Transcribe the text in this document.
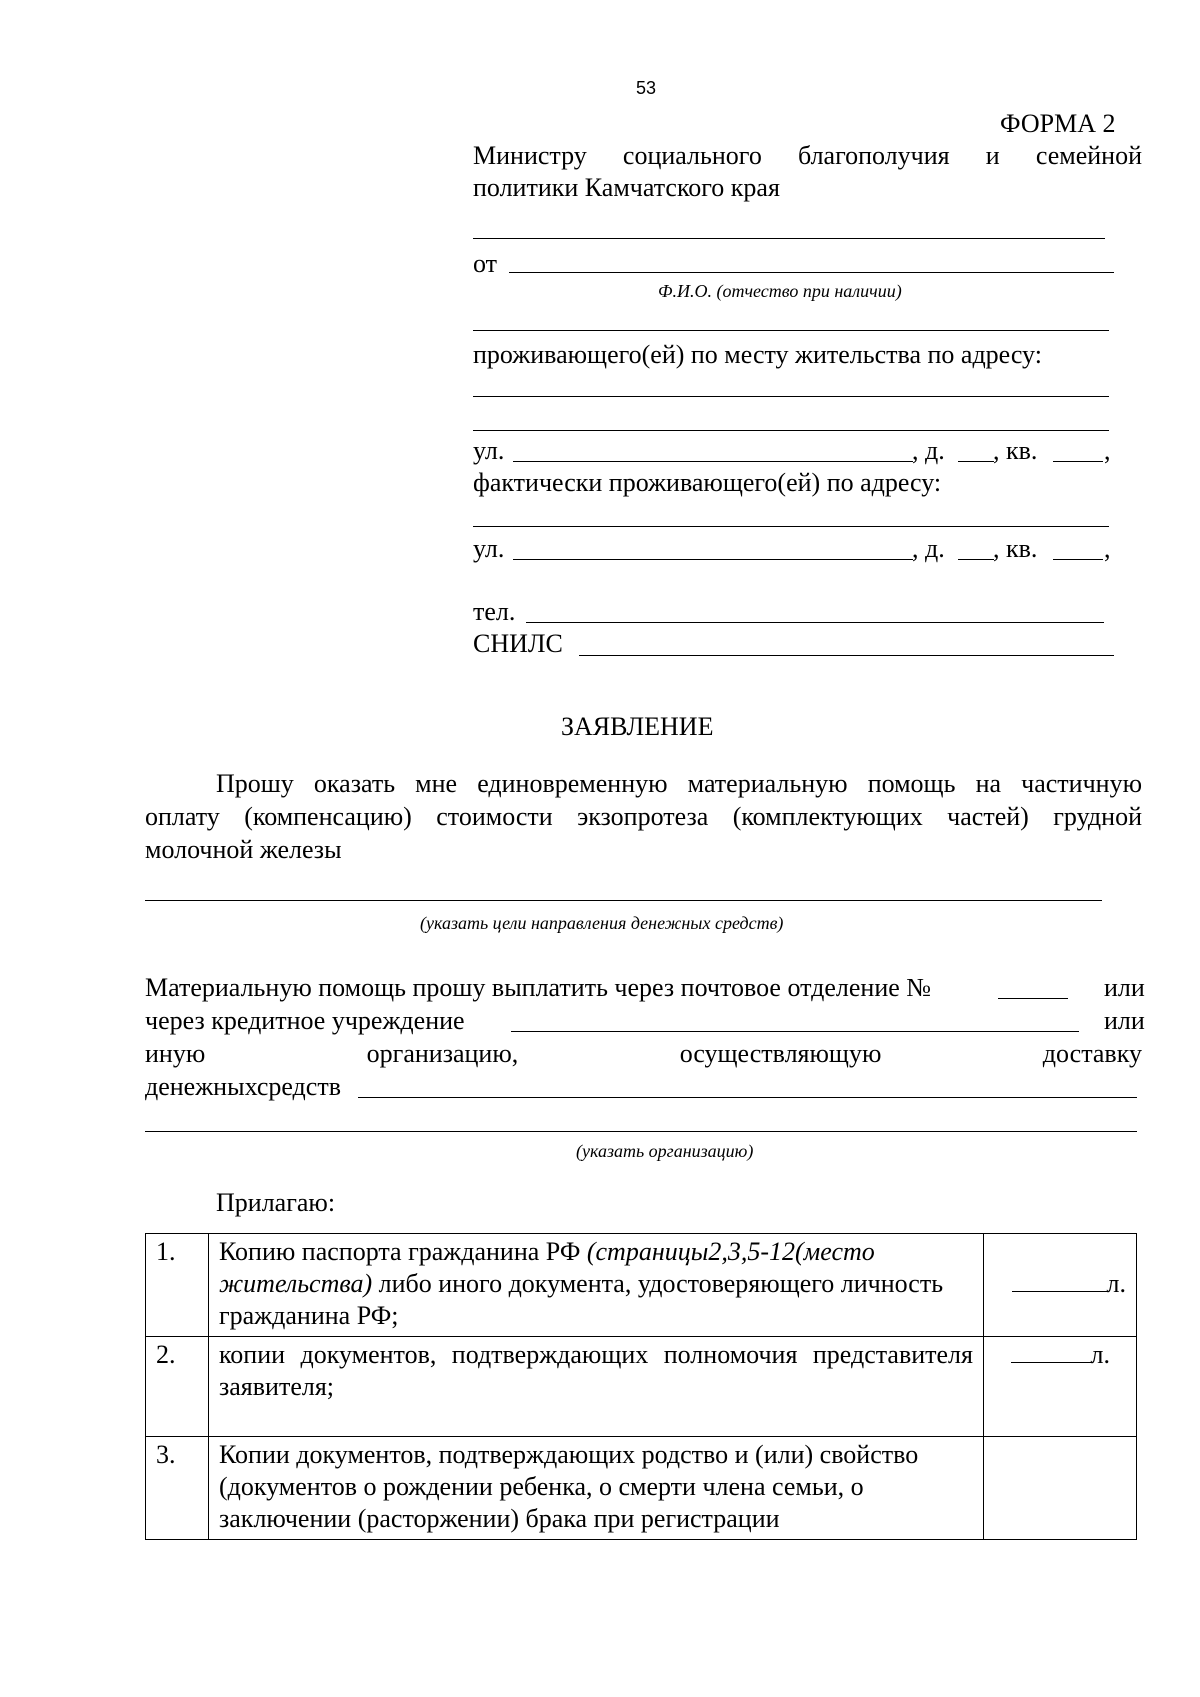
53
ФОРМА 2
Министру социального благополучия и семейной
политики Камчатского края
от
Ф.И.О. (отчество при наличии)
проживающего(ей) по месту жительства по адресу:
ул.	, д. , кв.	,
фактически проживающего(ей) по адресу:
ул.	, д. , кв.	,
тел.
СНИЛС
ЗАЯВЛЕНИЕ
Прошу оказать мне единовременную материальную помощь на частичную
оплату (компенсацию) стоимости экзопротеза (комплектующих частей) грудной
молочной железы
(указать цели направления денежных средств)
Материальную помощь прошу выплатить через почтовое отделение №	или
через кредитное учреждение	или
иную	организацию,	осуществляющую	доставку
денежныхсредств
(указать организацию)
Прилагаю:
1.	Копию паспорта гражданина РФ (страницы2,3,5-12(место жительства) либо иного документа, удостоверяющего личность гражданина РФ;	л.
2.	копии документов, подтверждающих полномочия представителя заявителя;	л.
3.	Копии документов, подтверждающих родство и (или) свойство (документов о рождении ребенка, о смерти члена семьи, о заключении (расторжении) брака при регистрации	
